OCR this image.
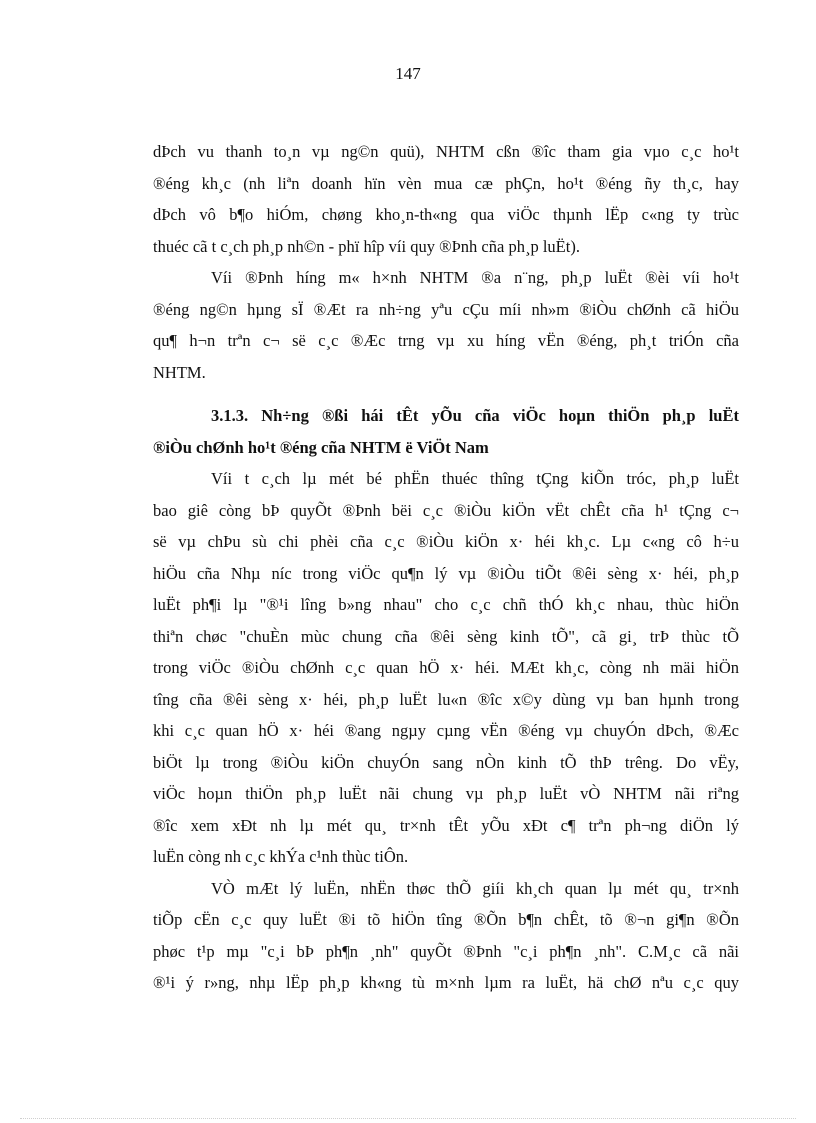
147
dÞch vu thanh to¸n vµ ng©n quü), NHTM cßn ®îc tham gia vµo c¸c ho¹t
®éng kh¸c (nh liªn doanh hïn vèn mua cæ phÇn, ho¹t ®éng ñy th¸c, hay
dÞch vô b¶o hiÓm, chøng kho¸n-th«ng qua viÖc thµnh lËp c«ng ty trùc
thuéc cã t c¸ch ph¸p nh©n - phï hîp víi quy ®Þnh cña ph¸p luËt).
Víi ®Þnh híng m« h×nh NHTM ®a n¨ng, ph¸p luËt ®èi víi ho¹t
®éng ng©n hµng sÏ ®Æt ra nh÷ng yªu cÇu míi nh»m ®iÒu chØnh cã hiÖu
qu¶ h¬n trªn c¬ së c¸c ®Æc trng vµ xu híng vËn ®éng, ph¸t triÓn cña
NHTM.
3.1.3. Nh÷ng ®ßi hái tÊt yÕu cña viÖc hoµn thiÖn ph¸p luËt
®iÒu chØnh ho¹t ®éng cña NHTM ë ViÖt Nam
Víi t c¸ch lµ mét bé phËn thuéc thîng tÇng kiÕn tróc, ph¸p luËt
bao giê còng bÞ quyÕt ®Þnh bëi c¸c ®iÒu kiÖn vËt chÊt cña h¹ tÇng c¬
së vµ chÞu sù chi phèi cña c¸c ®iÒu kiÖn x· héi kh¸c. Lµ c«ng cô h÷u
hiÖu cña Nhµ níc trong viÖc qu¶n lý vµ ®iÒu tiÕt ®êi sèng x· héi, ph¸p
luËt ph¶i lµ "®¹i lîng b»ng nhau" cho c¸c chñ thÓ kh¸c nhau, thùc hiÖn
thiªn chøc "chuÈn mùc chung cña ®êi sèng kinh tÕ", cã gi¸ trÞ thùc tÕ
trong viÖc ®iÒu chØnh c¸c quan hÖ x· héi. MÆt kh¸c, còng nh mäi hiÖn
tîng cña ®êi sèng x· héi, ph¸p luËt lu«n ®îc x©y dùng vµ ban hµnh trong
khi c¸c quan hÖ x· héi ®ang ngµy cµng vËn ®éng vµ chuyÓn dÞch, ®Æc
biÖt lµ trong ®iÒu kiÖn chuyÓn sang nÒn kinh tÕ thÞ trêng. Do vËy,
viÖc hoµn thiÖn ph¸p luËt nãi chung vµ ph¸p luËt vÒ NHTM nãi riªng
®îc xem xÐt nh lµ mét qu¸ tr×nh tÊt yÕu xÐt c¶ trªn ph¬ng diÖn lý
luËn còng nh c¸c khÝa c¹nh thùc tiÔn.
VÒ mÆt lý luËn, nhËn thøc thÕ giíi kh¸ch quan lµ mét qu¸ tr×nh
tiÕp cËn c¸c quy luËt ®i tõ hiÖn tîng ®Õn b¶n chÊt, tõ ®¬n gi¶n ®Õn
phøc t¹p mµ "c¸i bÞ ph¶n ¸nh" quyÕt ®Þnh "c¸i ph¶n ¸nh". C.M¸c cã nãi
®¹i ý r»ng, nhµ lËp ph¸p kh«ng tù m×nh lµm ra luËt, hä chØ nªu c¸c quy
